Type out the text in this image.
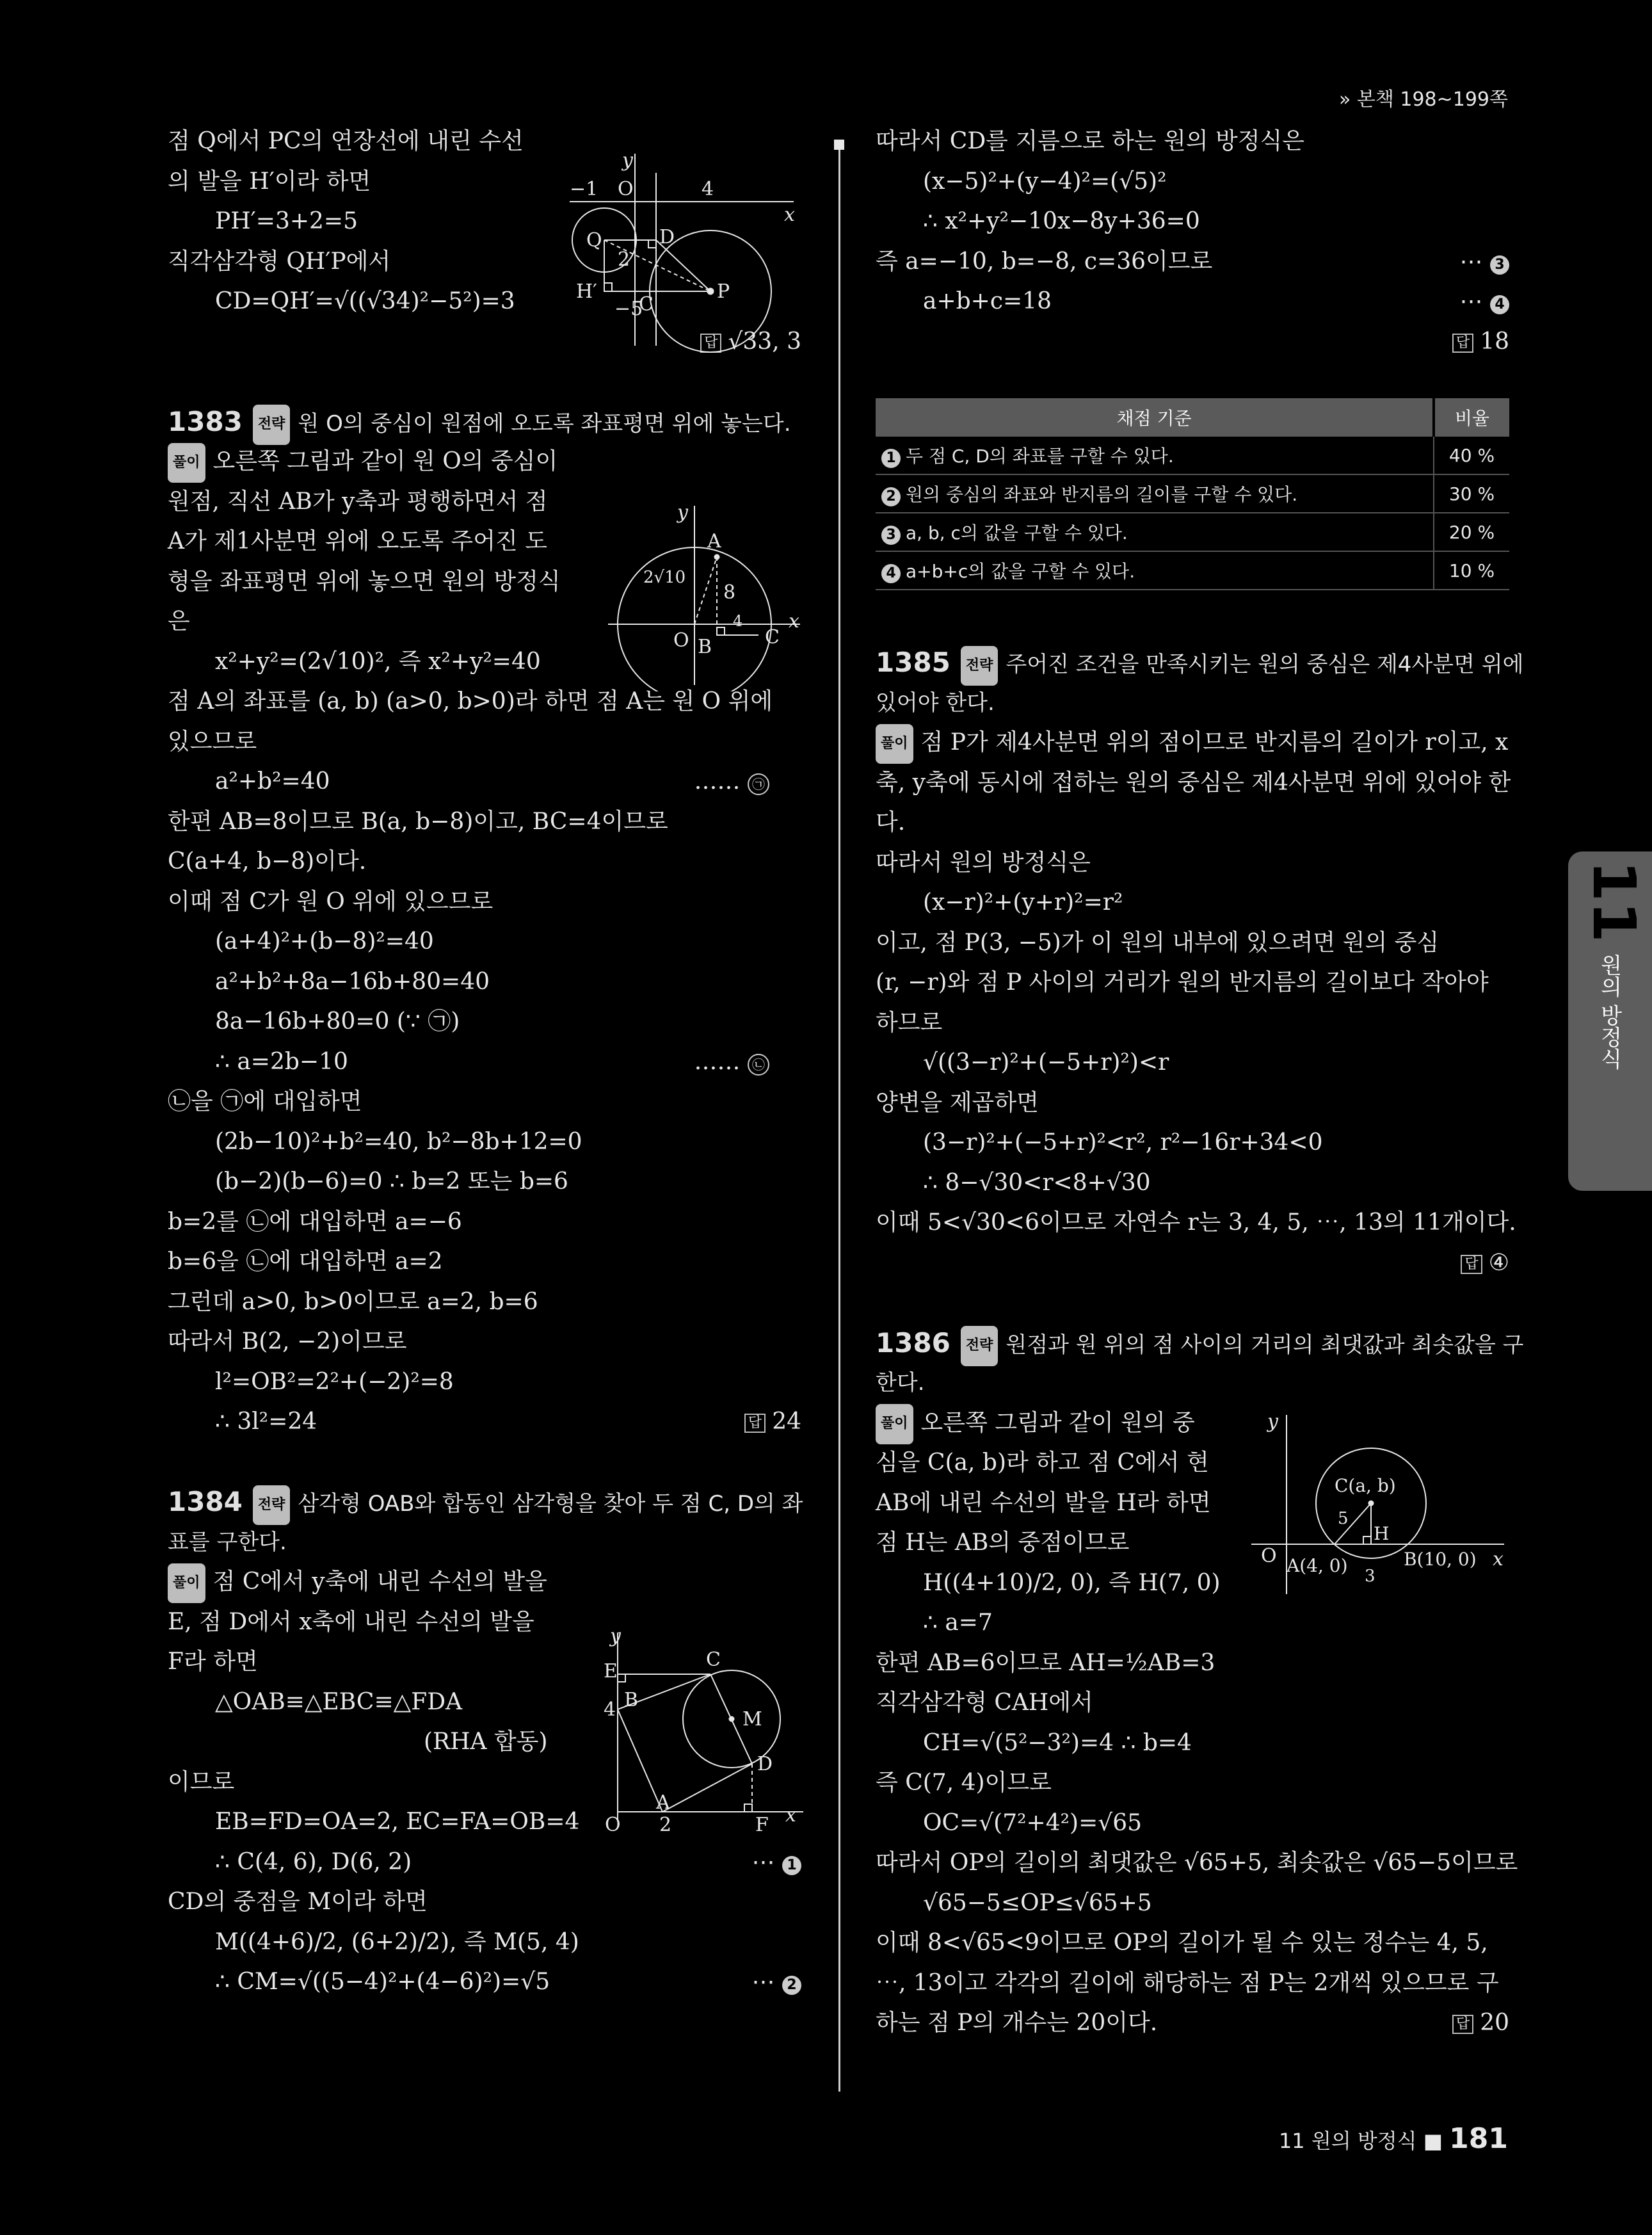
» 본책 198~199쪽
11
원의 방정식
11 원의 방정식 ■ 181
점 Q에서 PC의 연장선에 내린 수선
의 발을 H′이라 하면
PH′=3+2=5
직각삼각형 QH′P에서
CD=QH′=√((√34)²−5²)=3
답 √33, 3
1383 전략 원 O의 중심이 원점에 오도록 좌표평면 위에 놓는다.
풀이 오른쪽 그림과 같이 원 O의 중심이
원점, 직선 AB가 y축과 평행하면서 점
A가 제1사분면 위에 오도록 주어진 도
형을 좌표평면 위에 놓으면 원의 방정식
은
x²+y²=(2√10)², 즉 x²+y²=40
점 A의 좌표를 (a, b) (a>0, b>0)라 하면 점 A는 원 O 위에
있으므로
a²+b²=40	…… ㉠
한편 AB=8이므로 B(a, b−8)이고, BC=4이므로
C(a+4, b−8)이다.
이때 점 C가 원 O 위에 있으므로
(a+4)²+(b−8)²=40
a²+b²+8a−16b+80=40
8a−16b+80=0 (∵ ㉠)
∴ a=2b−10	…… ㉡
㉡을 ㉠에 대입하면
(2b−10)²+b²=40, b²−8b+12=0
(b−2)(b−6)=0 ∴ b=2 또는 b=6
b=2를 ㉡에 대입하면 a=−6
b=6을 ㉡에 대입하면 a=2
그런데 a>0, b>0이므로 a=2, b=6
따라서 B(2, −2)이므로
l²=OB²=2²+(−2)²=8
∴ 3l²=24	답 24
1384 전략 삼각형 OAB와 합동인 삼각형을 찾아 두 점 C, D의 좌
표를 구한다.
풀이 점 C에서 y축에 내린 수선의 발을
E, 점 D에서 x축에 내린 수선의 발을
F라 하면
△OAB≡△EBC≡△FDA
(RHA 합동)
이므로
EB=FD=OA=2, EC=FA=OB=4
∴ C(4, 6), D(6, 2)	⋯ 1
CD의 중점을 M이라 하면
M((4+6)/2, (6+2)/2), 즉 M(5, 4)
∴ CM=√((5−4)²+(4−6)²)=√5	⋯ 2
따라서 CD를 지름으로 하는 원의 방정식은
(x−5)²+(y−4)²=(√5)²
∴ x²+y²−10x−8y+36=0
즉 a=−10, b=−8, c=36이므로	⋯ 3
a+b+c=18	⋯ 4
답 18
채점 기준	비율
1 두 점 C, D의 좌표를 구할 수 있다.	40 %
2 원의 중심의 좌표와 반지름의 길이를 구할 수 있다.	30 %
3 a, b, c의 값을 구할 수 있다.	20 %
4 a+b+c의 값을 구할 수 있다.	10 %
1385 전략 주어진 조건을 만족시키는 원의 중심은 제4사분면 위에
있어야 한다.
풀이 점 P가 제4사분면 위의 점이므로 반지름의 길이가 r이고, x
축, y축에 동시에 접하는 원의 중심은 제4사분면 위에 있어야 한
다.
따라서 원의 방정식은
(x−r)²+(y+r)²=r²
이고, 점 P(3, −5)가 이 원의 내부에 있으려면 원의 중심
(r, −r)와 점 P 사이의 거리가 원의 반지름의 길이보다 작아야
하므로
√((3−r)²+(−5+r)²)<r
양변을 제곱하면
(3−r)²+(−5+r)²<r², r²−16r+34<0
∴ 8−√30<r<8+√30
이때 5<√30<6이므로 자연수 r는 3, 4, 5, ⋯, 13의 11개이다.
답 ④
1386 전략 원점과 원 위의 점 사이의 거리의 최댓값과 최솟값을 구
한다.
풀이 오른쪽 그림과 같이 원의 중
심을 C(a, b)라 하고 점 C에서 현
AB에 내린 수선의 발을 H라 하면
점 H는 AB의 중점이므로
H((4+10)/2, 0), 즉 H(7, 0)
∴ a=7
한편 AB=6이므로 AH=½AB=3
직각삼각형 CAH에서
CH=√(5²−3²)=4 ∴ b=4
즉 C(7, 4)이므로
OC=√(7²+4²)=√65
따라서 OP의 길이의 최댓값은 √65+5, 최솟값은 √65−5이므로
√65−5≤OP≤√65+5
이때 8<√65<9이므로 OP의 길이가 될 수 있는 정수는 4, 5,
⋯, 13이고 각각의 길이에 해당하는 점 P는 2개씩 있으므로 구
하는 점 P의 개수는 20이다.	답 20
y
−1 O	4
x
Q	D
2
H′	P
−5
C
y
A
2√10
8
O
4 x
B	C
y
E
C
B
M
4
D
O
A
2	F x
y
C(a, b)
5
H
O A(4, 0) 3
B(10, 0) x
